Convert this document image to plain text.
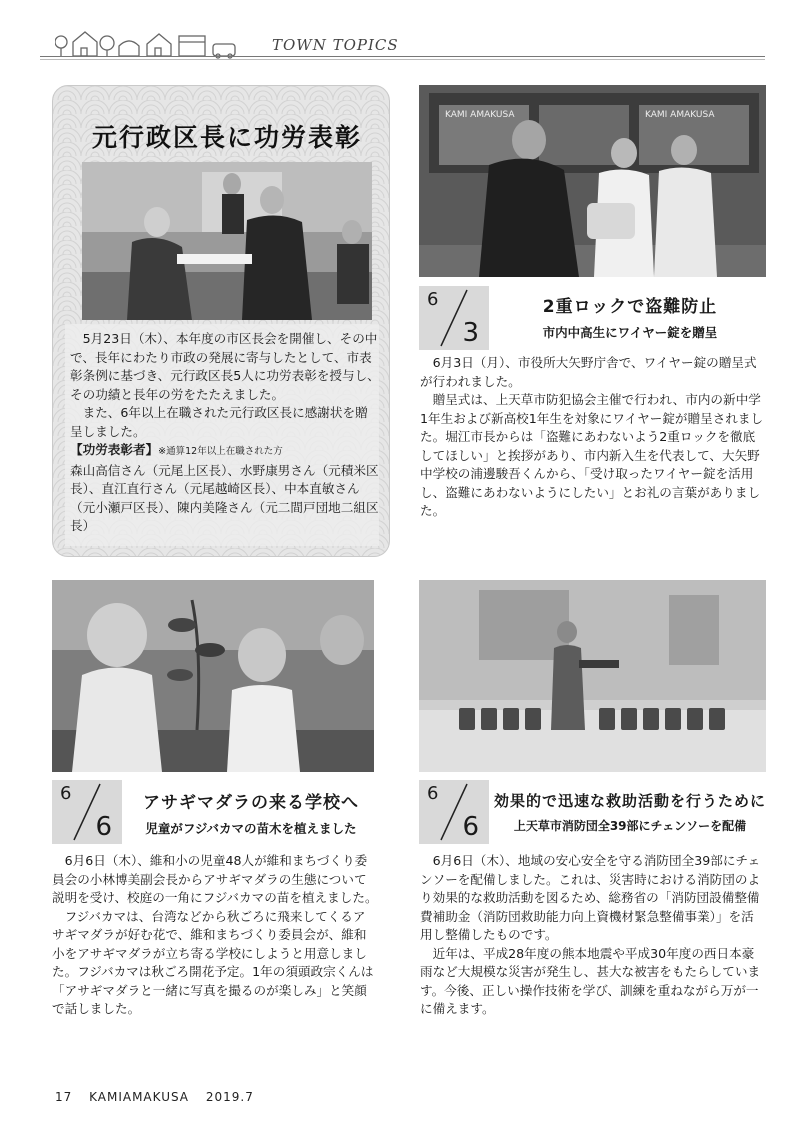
TOWN TOPICS
元行政区長に功労表彰

5月23日（木）、本年度の市区長会を開催し、その中で、長年にわたり市政の発展に寄与したとして、市表彰条例に基づき、元行政区長5人に功労表彰を授与し、その功績と長年の労をたたえました。

また、6年以上在職された元行政区長に感謝状を贈呈しました。

【功労表彰者】※通算12年以上在職された方
森山高信さん（元尾上区長）、水野康男さん（元積米区長）、直江直行さん（元尾越崎区長）、中本直敏さん（元小瀬戸区長）、陳内美隆さん（元二間戸団地二組区長）
KAMI AMAKUSA	KAMI AMAKUSA
6
3
2重ロックで盗難防止
市内中高生にワイヤー錠を贈呈

6月3日（月）、市役所大矢野庁舎で、ワイヤー錠の贈呈式が行われました。

贈呈式は、上天草市防犯協会主催で行われ、市内の新中学1年生および新高校1年生を対象にワイヤー錠が贈呈されました。堀江市長からは「盗難にあわないよう2重ロックを徹底してほしい」と挨拶があり、市内新入生を代表して、大矢野中学校の浦邊駿吾くんから、「受け取ったワイヤー錠を活用し、盗難にあわないようにしたい」とお礼の言葉がありました。

6
6
アサギマダラの来る学校へ
児童がフジバカマの苗木を植えました

6月6日（木）、維和小の児童48人が維和まちづくり委員会の小林博美副会長からアサギマダラの生態について説明を受け、校庭の一角にフジバカマの苗を植えました。

フジバカマは、台湾などから秋ごろに飛来してくるアサギマダラが好む花で、維和まちづくり委員会が、維和小をアサギマダラが立ち寄る学校にしようと用意しました。フジバカマは秋ごろ開花予定。1年の須頭政宗くんは「アサギマダラと一緒に写真を撮るのが楽しみ」と笑顔で話しました。

6
6
効果的で迅速な救助活動を行うために
上天草市消防団全39部にチェンソーを配備

6月6日（木）、地域の安心安全を守る消防団全39部にチェンソーを配備しました。これは、災害時における消防団のより効果的な救助活動を図るため、総務省の「消防団設備整備費補助金（消防団救助能力向上資機材緊急整備事業）」を活用し整備したものです。

近年は、平成28年度の熊本地震や平成30年度の西日本豪雨など大規模な災害が発生し、甚大な被害をもたらしています。今後、正しい操作技術を学び、訓練を重ねながら万が一に備えます。

17 KAMIAMAKUSA 2019.7
